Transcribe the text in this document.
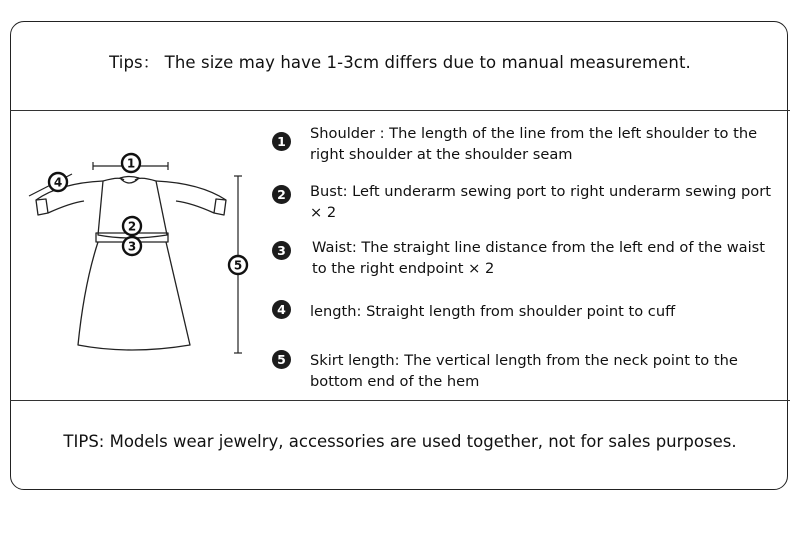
Tips： The size may have 1-3cm differs due to manual measurement.
1
2
3
4
5
1	Shoulder : The length of the line from the left shoulder to the right shoulder at the shoulder seam
2	Bust: Left underarm sewing port to right underarm sewing port × 2
3	Waist: The straight line distance from the left end of the waist to the right endpoint × 2
4	length: Straight length from shoulder point to cuff
5	Skirt length: The vertical length from the neck point to the bottom end of the hem
TIPS: Models wear jewelry, accessories are used together, not for sales purposes.
